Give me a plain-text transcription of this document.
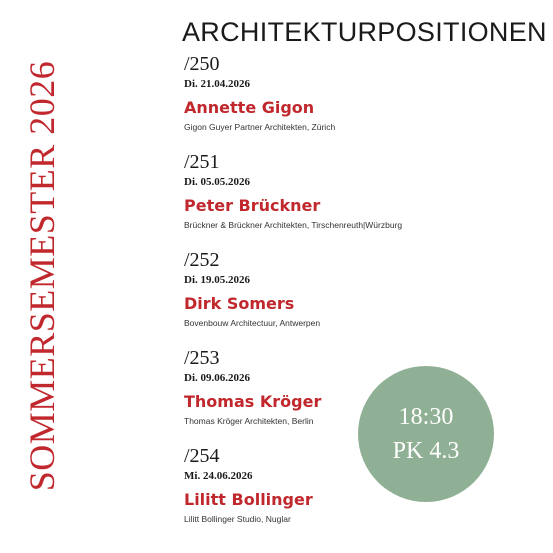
SOMMERSEMESTER 2026
ARCHITEKTURPOSITIONEN
/250
Di. 21.04.2026
Annette Gigon
Gigon Guyer Partner Architekten, Zürich
/251
Di. 05.05.2026
Peter Brückner
Brückner & Brückner Architekten, Tirschenreuth|Würzburg
/252
Di. 19.05.2026
Dirk Somers
Bovenbouw Architectuur, Antwerpen
/253
Di. 09.06.2026
Thomas Kröger
Thomas Kröger Architekten, Berlin
/254
Mi. 24.06.2026
Lilitt Bollinger
Lilitt Bollinger Studio, Nuglar
18:30
PK 4.3
